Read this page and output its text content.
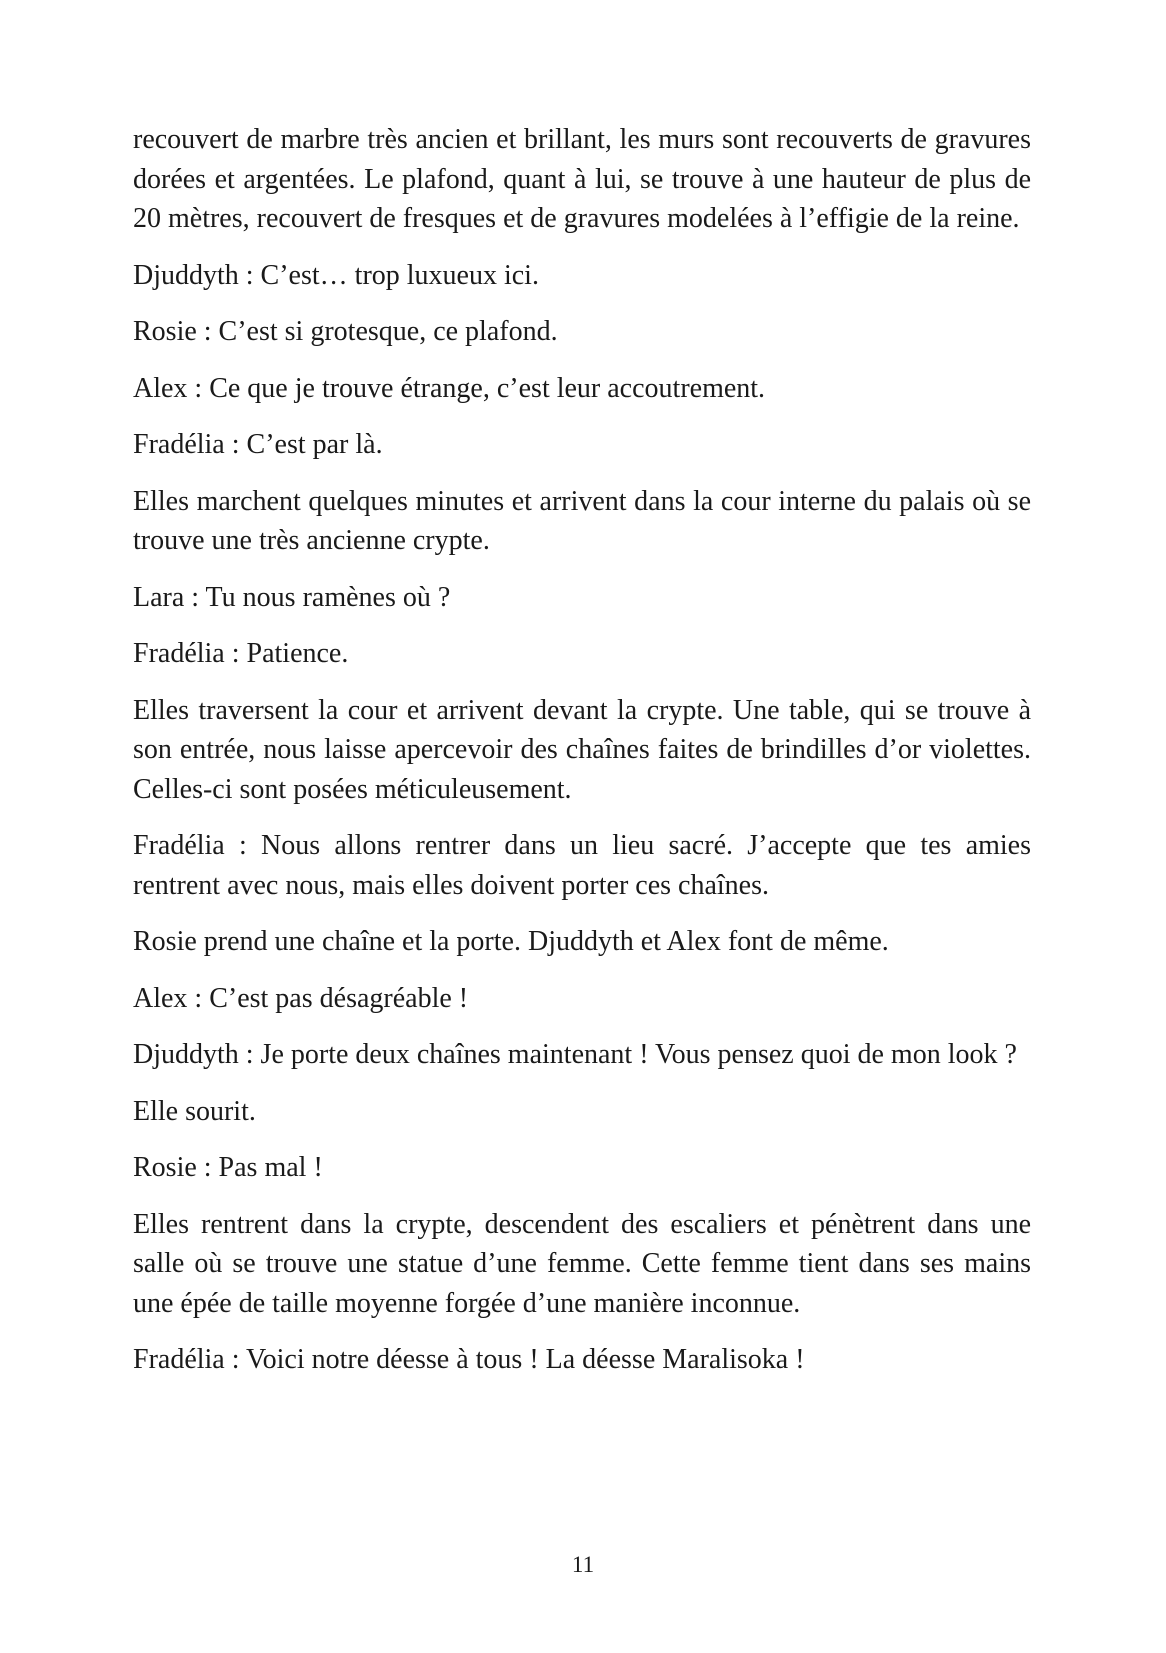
recouvert de marbre très ancien et brillant, les murs sont recouverts de gravures dorées et argentées. Le plafond, quant à lui, se trouve à une hauteur de plus de 20 mètres, recouvert de fresques et de gravures modelées à l’effigie de la reine.

Djuddyth : C’est… trop luxueux ici.

Rosie : C’est si grotesque, ce plafond.

Alex : Ce que je trouve étrange, c’est leur accoutrement.

Fradélia : C’est par là.

Elles marchent quelques minutes et arrivent dans la cour interne du palais où se trouve une très ancienne crypte.

Lara : Tu nous ramènes où ?

Fradélia : Patience.

Elles traversent la cour et arrivent devant la crypte. Une table, qui se trouve à son entrée, nous laisse apercevoir des chaînes faites de brindilles d’or violettes. Celles-ci sont posées méticuleusement.

Fradélia : Nous allons rentrer dans un lieu sacré. J’accepte que tes amies rentrent avec nous, mais elles doivent porter ces chaînes.

Rosie prend une chaîne et la porte. Djuddyth et Alex font de même.

Alex : C’est pas désagréable !

Djuddyth : Je porte deux chaînes maintenant ! Vous pensez quoi de mon look ?

Elle sourit.

Rosie : Pas mal !

Elles rentrent dans la crypte, descendent des escaliers et pénètrent dans une salle où se trouve une statue d’une femme. Cette femme tient dans ses mains une épée de taille moyenne forgée d’une manière inconnue.

Fradélia : Voici notre déesse à tous ! La déesse Maralisoka !

11
